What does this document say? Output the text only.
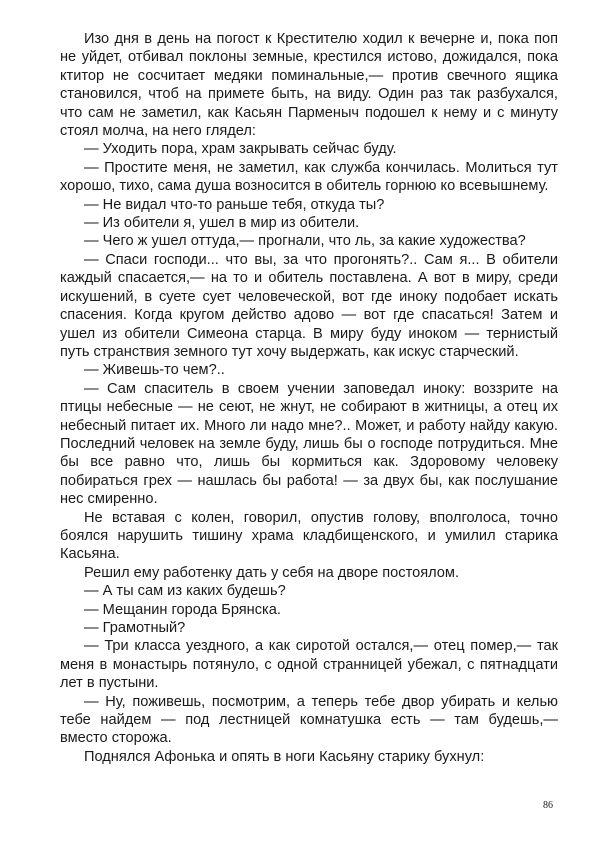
Изо дня в день на погост к Крестителю ходил к вечерне и, пока поп не уйдет, отбивал поклоны земные, крестился истово, дожидался, пока ктитор не сосчитает медяки поминальные,— против свечного ящика становился, чтоб на примете быть, на виду. Один раз так разбухался, что сам не заметил, как Касьян Парменыч подошел к нему и с минуту стоял молча, на него глядел:

— Уходить пора, храм закрывать сейчас буду.

— Простите меня, не заметил, как служба кончилась. Молиться тут хорошо, тихо, сама душа возносится в обитель горнюю ко всевышнему.

— Не видал что-то раньше тебя, откуда ты?

— Из обители я, ушел в мир из обители.

— Чего ж ушел оттуда,— прогнали, что ль, за какие художества?

— Спаси господи... что вы, за что прогонять?.. Сам я... В обители каждый спасается,— на то и обитель поставлена. А вот в миру, среди искушений, в суете сует человеческой, вот где иноку подобает искать спасения. Когда кругом действо адово — вот где спасаться! Затем и ушел из обители Симеона старца. В миру буду иноком — тернистый путь странствия земного тут хочу выдержать, как искус старческий.

— Живешь-то чем?..

— Сам спаситель в своем учении заповедал иноку: воззрите на птицы небесные — не сеют, не жнут, не собирают в житницы, а отец их небесный питает их. Много ли надо мне?.. Может, и работу найду какую. Последний человек на земле буду, лишь бы о господе потрудиться. Мне бы все равно что, лишь бы кормиться как. Здоровому человеку побираться грех — нашлась бы работа! — за двух бы, как послушание нес смиренно.

Не вставая с колен, говорил, опустив голову, вполголоса, точно боялся нарушить тишину храма кладбищенского, и умилил старика Касьяна.

Решил ему работенку дать у себя на дворе постоялом.

— А ты сам из каких будешь?

— Мещанин города Брянска.

— Грамотный?

— Три класса уездного, а как сиротой остался,— отец помер,— так меня в монастырь потянуло, с одной странницей убежал, с пятнадцати лет в пустыни.

— Ну, поживешь, посмотрим, а теперь тебе двор убирать и келью тебе найдем — под лестницей комнатушка есть — там будешь,— вместо сторожа.

Поднялся Афонька и опять в ноги Касьяну старику бухнул:

86
